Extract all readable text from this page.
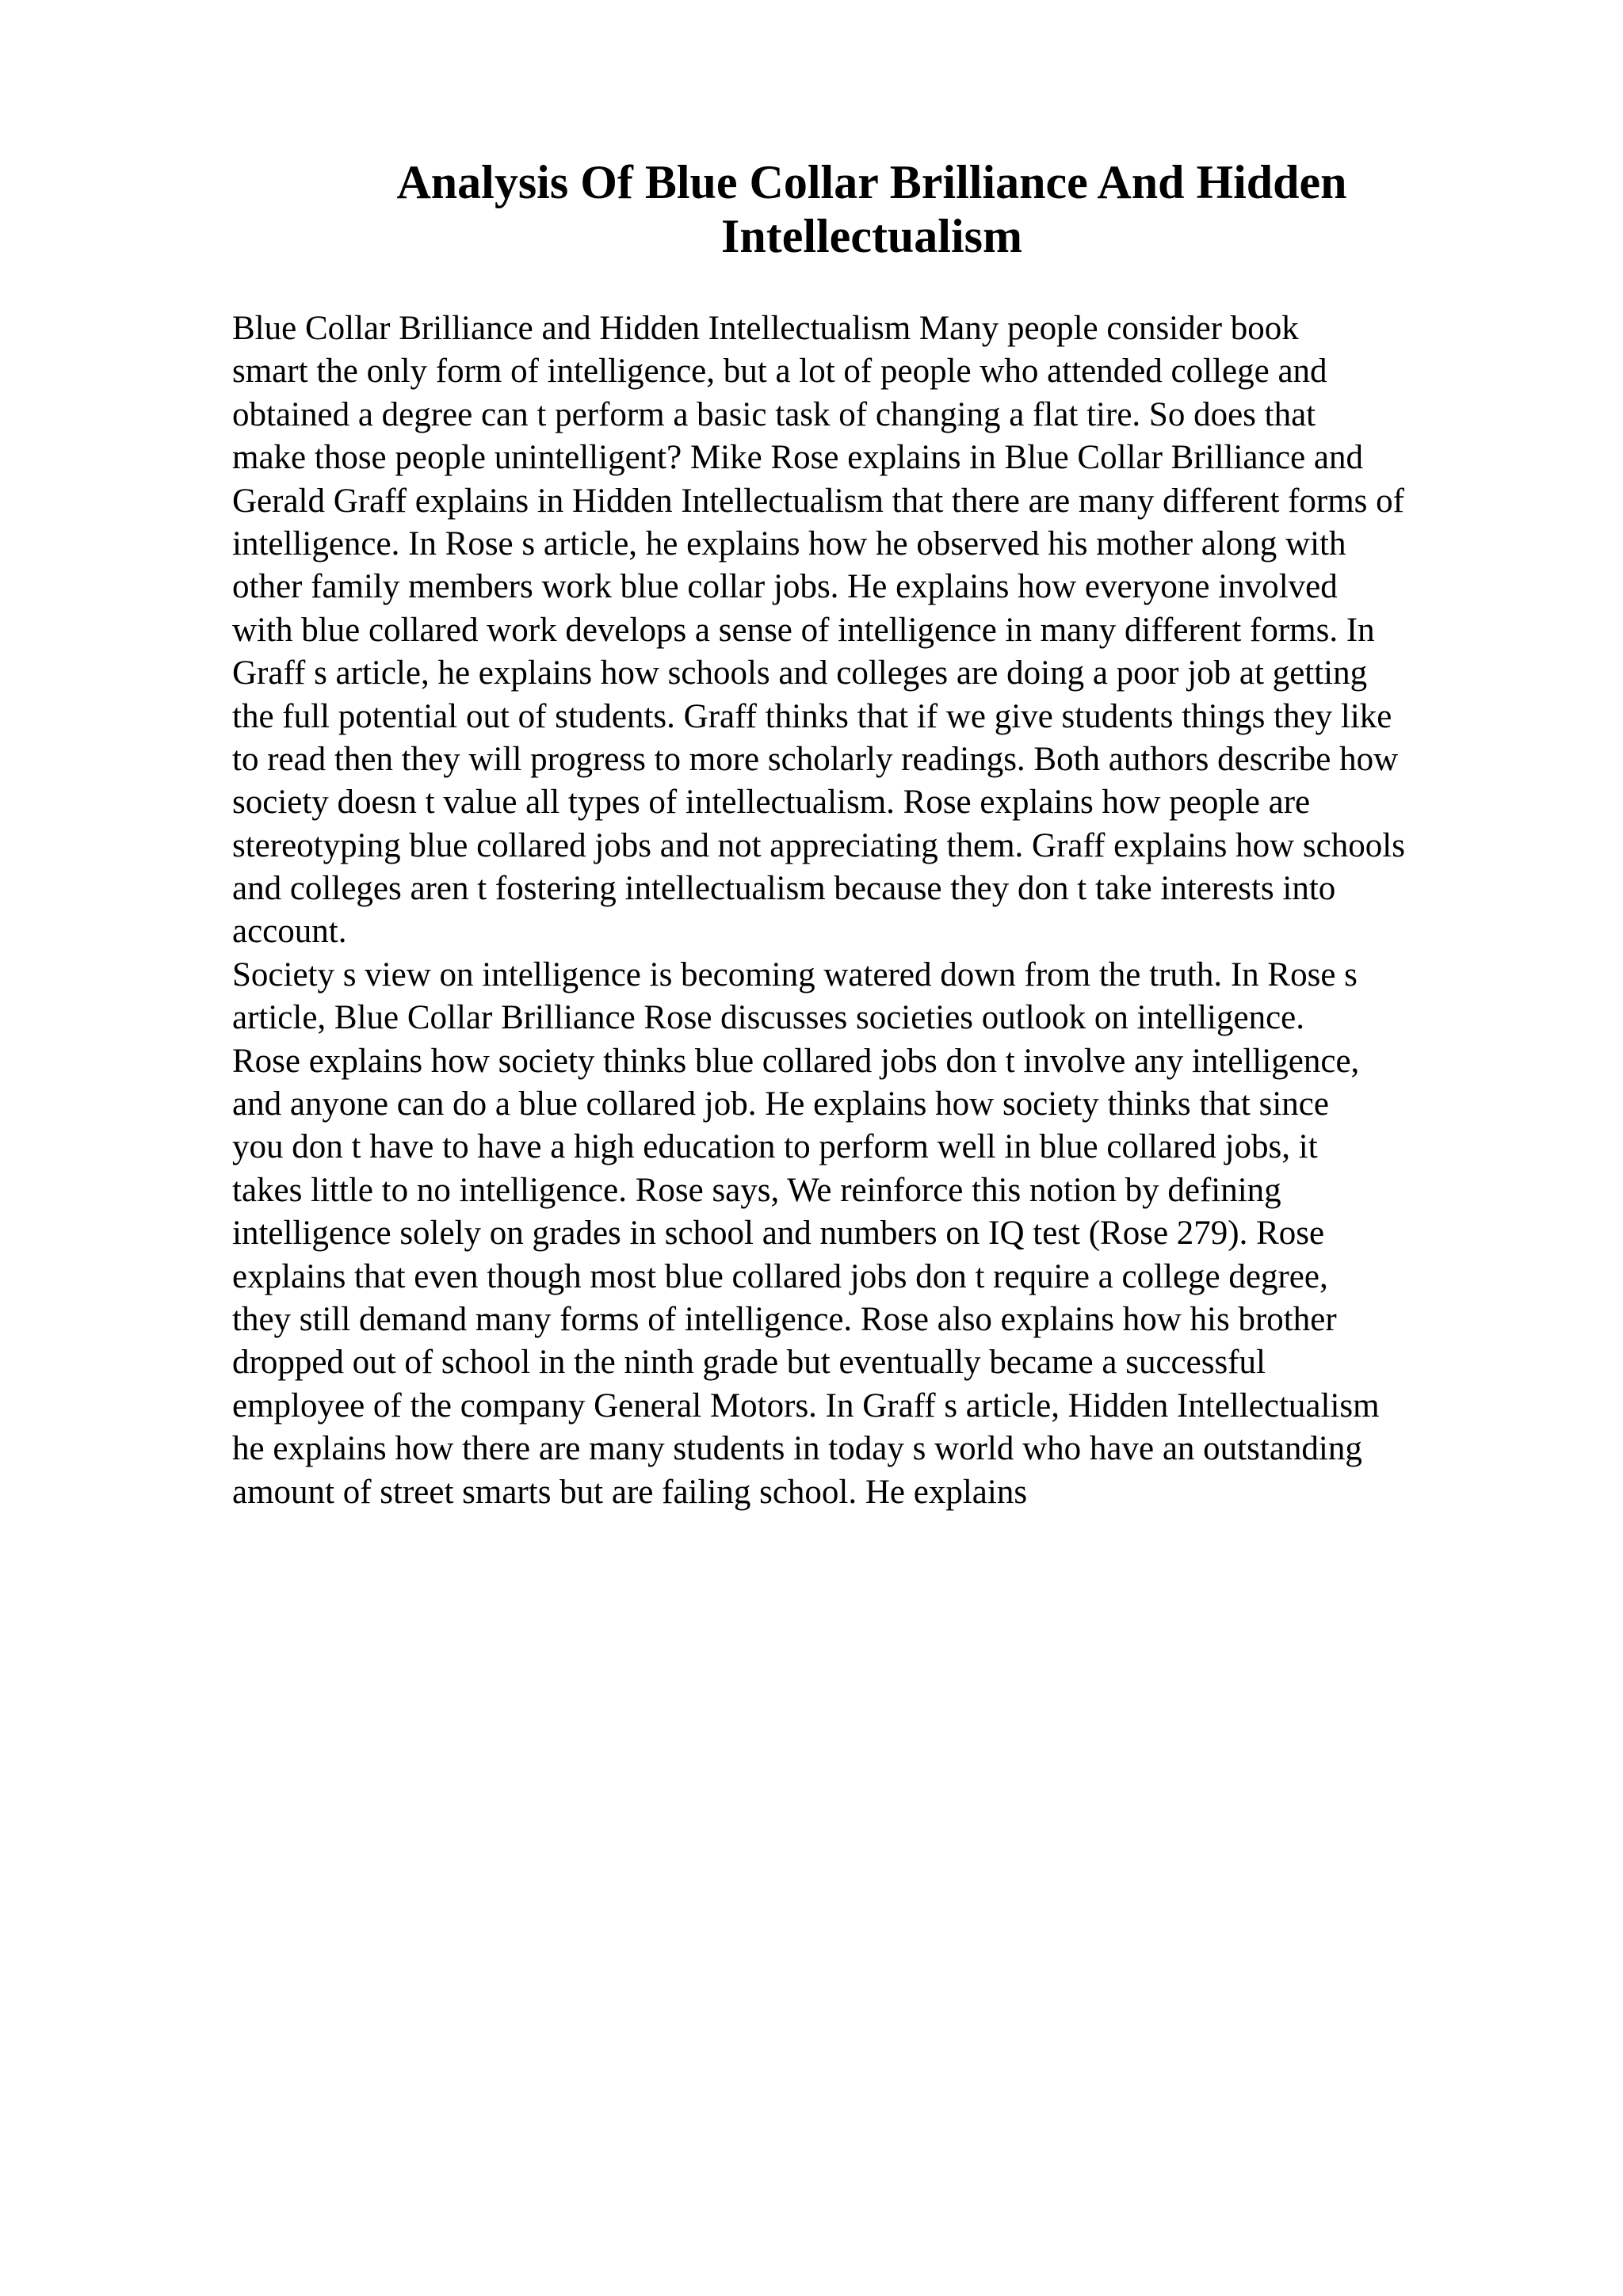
Analysis Of Blue Collar Brilliance And Hidden
Intellectualism
Blue Collar Brilliance and Hidden Intellectualism Many people consider book
smart the only form of intelligence, but a lot of people who attended college and
obtained a degree can t perform a basic task of changing a flat tire. So does that
make those people unintelligent? Mike Rose explains in Blue Collar Brilliance and
Gerald Graff explains in Hidden Intellectualism that there are many different forms of
intelligence. In Rose s article, he explains how he observed his mother along with
other family members work blue collar jobs. He explains how everyone involved
with blue collared work develops a sense of intelligence in many different forms. In
Graff s article, he explains how schools and colleges are doing a poor job at getting
the full potential out of students. Graff thinks that if we give students things they like
to read then they will progress to more scholarly readings. Both authors describe how
society doesn t value all types of intellectualism. Rose explains how people are
stereotyping blue collared jobs and not appreciating them. Graff explains how schools
and colleges aren t fostering intellectualism because they don t take interests into
account.
Society s view on intelligence is becoming watered down from the truth. In Rose s
article, Blue Collar Brilliance Rose discusses societies outlook on intelligence.
Rose explains how society thinks blue collared jobs don t involve any intelligence,
and anyone can do a blue collared job. He explains how society thinks that since
you don t have to have a high education to perform well in blue collared jobs, it
takes little to no intelligence. Rose says, We reinforce this notion by defining
intelligence solely on grades in school and numbers on IQ test (Rose 279). Rose
explains that even though most blue collared jobs don t require a college degree,
they still demand many forms of intelligence. Rose also explains how his brother
dropped out of school in the ninth grade but eventually became a successful
employee of the company General Motors. In Graff s article, Hidden Intellectualism
he explains how there are many students in today s world who have an outstanding
amount of street smarts but are failing school. He explains
